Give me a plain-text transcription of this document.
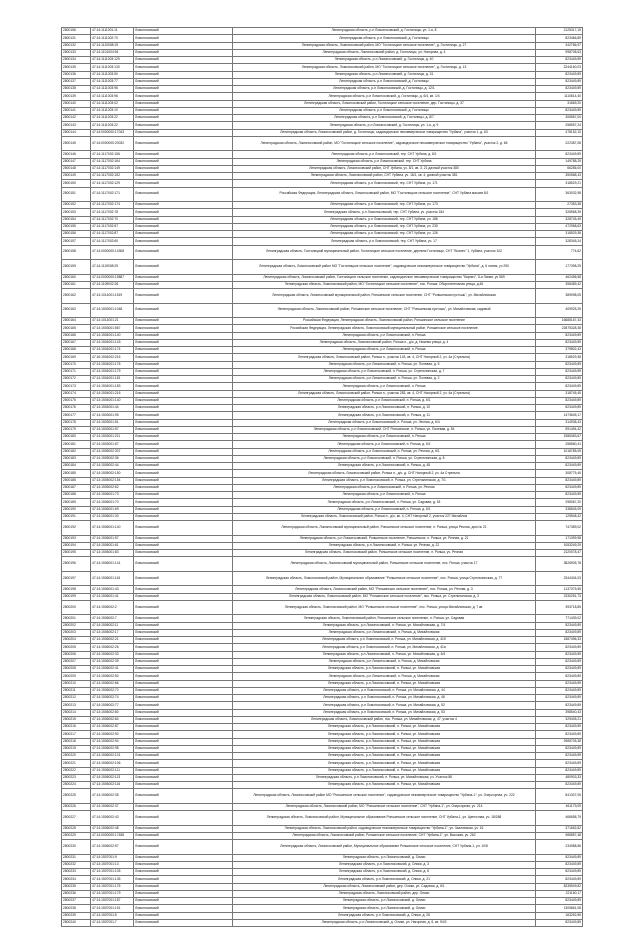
2800156	47:14:1111001:11	Ломоносовский	Ленинградская область, р-н Ломоносовский, д. Гостилицы, ул. 1-я, 8	2125317,19
2800131	47:14:1111002:70	Ломоносовский	Ленинградская область, р-н Ломоносовский, д. Гостилицы	823466,89
2800132	47:14:1110008:19	Ломоносовский	Ленинградская область, Ломоносовский район, МО "Гостилицкое сельское поселение", д. Гостилицы, д. 27	342786,97
2800133	47:14:1101004:94	Ломоносовский	Ленинградская область, Ломоносовский район, д. Гостилицы, ул. Нагорная, д. 4	998708,63
2800134	47:14:1111003:129	Ломоносовский	Ленинградская область, р-н Ломоносовский, д. Гостилицы, д. 40	823449,89
2800135	47:14:1111003:130	Ломоносовский	Ленинградская область, Ломоносовский район, МО "Гостилицкое сельское поселение", д. Гостилицы, д. 13	2244160,03
2800136	47:14:1111003:50	Ломоносовский	Ленинградская область, р-н Ломоносовский, д. Гостилицы, д. 31	823449,89
2800137	47:14:1111003:77	Ломоносовский	Ленинградская область, р-н Ломоносовский, д. Гостилицы	823449,89
2800138	47:14:1111003:96	Ломоносовский	Ленинградская область, р-н Ломоносовский, д. Гостилицы, д. 12/1	823449,89
2800139	47:14:1111003:96	Ломоносовский	Ленинградская область, р-н Ломоносовский, д. Гостилицы, д. 6/4, кв. 1/4	1110814,40
2800140	47:14:1111003:02	Ломоносовский	Ленинградская область, Ломоносовский район, Гостилицкое сельское поселение, дер. Гостилицы, д. 37	31669,20
2800141	47:14:1111003:10	Ломоносовский	Ленинградская область, р-н Ломоносовский, д. Гостилицы	823449,89
2800142	47:14:1111003:22	Ломоносовский	Ленинградская область, р-н Ломоносовский, д. Гостилицы, д. 8/7	306567,00
2800143	47:14:1111003:22	Ломоносовский	Ленинградская область, р-н Ломоносовский, д. Гостилицы, ул. 1-я, д. 9	258557,24
2800144	47:14:0000000:17043	Ломоносовский	Ленинградская область, Ломоносовский район, д. Гостилицы, садоводческое некоммерческое товарищество "Урбана", участок 1, д. 63	478152,10
2800145	47:14:0000000:20032	Ломоносовский	Ленинградская область, Ломоносовский район, МО "Гостилицкое сельское поселение", садоводческое некоммерческое товарищество "Урбана", участок 2, д. 66	222387,08
2800146	47:14:1117002:156	Ломоносовский	Ленинградская область, р-н Ломоносовский, тер. СНТ Урбана, д. 8/1	823449,89
2800147	47:14:1117002:164	Ломоносовский	Ленинградская область, р-н Ломоносовский, тер. СНТ Урбана	149788,29
2800148	47:14:1117002:149	Ломоносовский	Ленинградская область, Ломоносовский район, СНТ Урбана, уч. 8/1, кв. 3, 21 дачный участок 380	66286,00
2800149	47:14:1117002:152	Ломоносовский	Ленинградская область, Ломоносовский район, СНТ Урбана, уч. 16/1, кв. 4, дачный участок 381	350568,43
2800150	47:14:1117002:129	Ломоносовский	Ленинградская область, р-н Ломоносовский, тер. СНТ Урбана, уч. 171	318529,21
2800151	47:14:1117002:171	Ломоносовский	Российская Федерация, Ленинградская область, Ломоносовский район, МО "Гостилицкое сельское поселение", СНТ Урбана массив 8/1	363032,98
2800152	47:14:1117002:174	Ломоносовский	Ленинградская область, р-н Ломоносовский, тер. СНТ Урбана, уч. 173	27353,38
2800153	47:14:1117002:78	Ломоносовский	Ленинградская область, р-н Ломоносовский, тер. СНТ Урбана, уч. участок 184	328968,39
2800154	47:14:1117002:70	Ломоносовский	Ленинградская область, р-н Ломоносовский, тер. СНТ Урбана, уч. 186	328745,45
2800155	47:14:1117002:67	Ломоносовский	Ленинградская область, р-н Ломоносовский, тер. СНТ Урбана, уч. 230	472958,63
2800156	47:14:1117002:87	Ломоносовский	Ленинградская область, р-н Ломоносовский, тер. СНТ Урбана, уч. 126	318529,38
2800157	47:14:1117002:60	Ломоносовский	Ленинградская область, р-н Ломоносовский, тер. СНТ Урбана, уч. 17	328345,24
2800158	47:14:0000000:14308	Ломоносовский	Ленинградская область, Гостилицкий муниципальный район, Гостилицкое сельское поселение, деревня Гостилицы, СНТ "Вознес" 1, Урбана, участок 102	774,62
2800159	47:14:1119008:25	Ломоносовский	Ленинградская область, Ломоносовский район МО "Гостилицкое сельское поселение", садоводческое некоммерческое товарищество "Урбана", д. 6 линия, уч 290	177398,29
2800160	47:14:0000000:15887	Ломоносовский	Ленинградская область, Ломоносовский район, Гостилицкое сельское поселение, садоводческое некоммерческое товарищество "Кирпич", 5-я Линия, уч 569	462496,58
2800161	47:14:1109002:26	Ломоносовский	Ленинградская область, Ломоносовский район, МО "Гостилицкое сельское поселение", пос. Ропша, Оборонительная улица, д.46	398489,42
2800162	47:14:1014001:1519	Ломоносовский	Ленинградская область, Ломоносовский муниципальный район, Ропшинское сельское поселение, СНТ "Ропшинская пустошь", ул. Михайловская	389098,05
2800163	47:14:1503001:1048	Ломоносовский	Ленинградская область, Ломоносовский район, Ропшинское сельское поселение, СНТ "Ропшинская пустошь", ул. Михайловская, садовый	409925,25
2800164	47:14:1014001:21	Ломоносовский	Российская Федерация, Ленинградская область, Ломоносовский район, Ропшинское сельское поселение	16685167,43
2800165	47:14:1503001:567	Ломоносовский	Российская Федерация, Ленинградская область, Ломоносовский муниципальный район, Ропшинское сельское поселение	22875328,38
2800166	47:14:1504001:140	Ломоносовский	Ленинградская область, р-н Ломоносовский, п. Ропша	823449,89
2800167	47:14:1504001:143	Ломоносовский	Ленинградская область, Ломоносовский район, Ропша п., д/о, д. Нижняя улица, д. 4	823449,89
2800168	47:14:1504001:174	Ломоносовский	Ленинградская область, р-н Ломоносовский, п. Ропша	379802,43
2800169	47:16:1504002:216	Ломоносовский	Ленинградская область, Ломоносовский район, Ропша п., участок 143, кв. 4, СНТ Нагорный 2, уч. 4а (Стрельна)	318529,38
2800170	47:14:1504001:176	Ломоносовский	Ленинградская область, р-н Ломоносовский, п. Ропша, ул. Полевая, д. 5	823449,89
2800171	47:14:1504001:179	Ломоносовский	Ленинградская область, р-н Ломоносовский, п. Ропша, ул. Стрельнинская, д. 7	823449,89
2800172	47:14:1504001:181	Ломоносовский	Ленинградская область, р-н Ломоносовский, п. Ропша, ул. Полевая, д. 2	823449,89
2800173	47:14:1504001:183	Ломоносовский	Ленинградская область, р-н Ломоносовский, п. Ропша	823449,89
2800174	47:14:1504001:216	Ломоносовский	Ленинградская область, Ломоносовский район, Ропша п., участок 283, кв. 4, СНТ Нагорный 2, уч. 4а (Стрельна)	318745,45
2800175	47:14:1504001:140	Ломоносовский	Ленинградская область, р-н Ломоносовский, п. Ропша, д. 6/1	823449,89
2800176	47:14:1504001:44	Ломоносовский	Ленинградская область, р-н Ломоносовский, п. Ропша, д. 10	823449,89
2800177	47:14:1503001:95	Ломоносовский	Ленинградская область, р-н Ломоносовский, п. Ропша, д. 11	1473645,17
2800178	47:14:1503001:51	Ломоносовский	Ленинградская область, р-н Ломоносовский, п. Ропша, ул. Лесная, д. 6/4	314938,43
2800179	47:14:1503001:57	Ломоносовский	Ленинградская область, р-н Ломоносовский, СНТ Ропшинское, п. Ропша, ул. Полевая, д. 54	591494,42
2800180	47:14:1503001:211	Ломоносовский	Ленинградская область, р-н Ломоносовский, п. Ропша	1986383,67
2800181	47:14:1503001:57	Ломоносовский	Ленинградская область, р-н Ломоносовский, п. Ропша, д. 6/1	258560,41
2800182	47:14:1505002:307	Ломоносовский	Ленинградская область, р-н Ломоносовский, п. Ропша, ул. Речная, д. 6/1	1018785,05
2800183	47:14:1505002:36	Ломоносовский	Ленинградская область, р-н Ломоносовский, п. Ропша, ул. Стрельнинская, д. 8	823449,89
2800184	47:14:1505002:44	Ломоносовский	Ленинградская область, р-н Ломоносовский, п. Ропша, д. 45	823449,89
2800185	47:14:1505002:150	Ломоносовский	Ленинградская область, Ломоносовский район, Ропша п., д/о, д. СНТ Нагорный 2, уч. 4а Стрельна	308775,45
2800186	47:14:1505002:154	Ломоносовский	Ленинградская область, р-н Ломоносовский, п. Ропша, ул. Стрельнинская, д. 7/1	823449,89
2800187	47:14:1505002:62	Ломоносовский	Ленинградская область, р-н Ломоносовский, п. Ропша, ул. Речная	823449,89
2800188	47:14:1506001:73	Ломоносовский	Ленинградская область, р-н Ломоносовский, п. Ропша	823449,89
2800189	47:14:1506001:70	Ломоносовский	Ленинградская область, р-н Ломоносовский, п. Ропша, ул. Садовая, д. 18	298067,20
2800190	47:14:1506001:69	Ломоносовский	Ленинградская область, р-н Ломоносовский, п. Ропша, д. 6/1	338545,09
2800191	47:14:1506001:30	Ломоносовский	Ленинградская область, Ломоносовский район, Ропша п., д/о, кв. 4, СНТ Нагорный 2, участок 227 Михайлов	129548,42
2800192	47:14:1506001:140	Ломоносовский	Ленинградская область, Ломоносовский муниципальный район, Ропшинское сельское поселение, п. Ропша, улица Речная, дом № 21	747389,02
2800193	47:14:1506001:57	Ломоносовский	Ленинградская область, р-н Ломоносовский, Ропшинское поселение, Ропшинское, п. Ропша, ул. Речная, д. 21	171399,98
2800194	47:14:1506001:61	Ломоносовский	Ленинградская область, р-н Ломоносовский, п. Ропша, ул. Речная, д. 22	1053249,29
2800195	47:14:1506001:83	Ломоносовский	Ленинградская область, Ломоносовский район, Ропшинское сельское поселение, п. Ропша, уч. Речная	2120078,47
2800196	47:14:1506001:141	Ломоносовский	Ленинградская область, Ломоносовский муниципальный район, Ропшинское сельское поселение, пос. Ропша, участок 17	3826905,78
2800197	47:14:1506001:116	Ломоносовский	Ленинградская область, Ломоносовский район, Муниципальное образование "Ропшинское сельское поселение", пос. Ропша, улица Стрельнинская, д. 77	2344404,03
2800198	47:14:1506001:43	Ломоносовский	Ленинградская область, Ломоносовский район, МО "Ропшинское сельское поселение", пос. Ропша, ул. Речная, д. 3	1137375,55
2800199	47:14:1506001:41	Ломоносовский	Ленинградская область, Ломоносовский район, МО "Ропшинское сельское поселение", пос. Ропша, ул. Стрельнинская, д. 3	2330251,73
2800200	47:14:1506002:2	Ломоносовский	Ленинградская область, Ломоносовский район, МО "Ропшинское сельское поселение", пос. Ропша, улица Михайловская, д. 7 кв.	393718,85
2800201	47:14:1506002:7	Ломоносовский	Ленинградская область, Ломоносовский район, Ропшинское сельское поселение, п. Ропша, ул. Садовая	771439,02
2800202	47:14:1506002:11	Ломоносовский	Ленинградская область, р-н Ломоносовский, п. Ропша, ул. Михайловская, д. 7/4	823449,89
2800203	47:14:1506002:17	Ломоносовский	Ленинградская область, р-н Ломоносовский, п. Ропша, д. Михайловская	823449,89
2800204	47:14:1506002:21	Ломоносовский	Ленинградская область, р-н Ломоносовский, п. Ропша, ул. Михайловская, д. 41б	1587496,33
2800205	47:14:1506002:26	Ломоносовский	Ленинградская область, р-н Ломоносовский, п. Ропша, ул. Михайловская, д. 41а	823449,89
2800206	47:14:1506002:33	Ломоносовский	Ленинградская область, р-н Ломоносовский, п. Ропша, ул. Михайловская, д. 6/4	823449,89
2800207	47:14:1506002:39	Ломоносовский	Ленинградская область, р-н Ломоносовский, п. Ропша, д. Михайловская	823449,89
2800208	47:14:1506002:41	Ломоносовский	Ленинградская область, р-н Ломоносовский, п. Ропша, ул. Михайловская	823449,89
2800209	47:14:1506002:50	Ломоносовский	Ленинградская область, р-н Ломоносовский, п. Ропша, д. Михайловская	823449,89
2800210	47:14:1506002:66	Ломоносовский	Ленинградская область, р-н Ломоносовский, п. Ропша, ул. Михайловская	823449,89
2800211	47:14:1506002:70	Ломоносовский	Ленинградская область, р-н Ломоносовский, п. Ропша, ул. Михайловская, д. 44	823449,89
2800212	47:14:1506002:74	Ломоносовский	Ленинградская область, р-н Ломоносовский, п. Ропша, ул. Михайловская, д. 46	823449,89
2800213	47:14:1506002:77	Ломоносовский	Ленинградская область, р-н Ломоносовский, п. Ропша, ул. Михайловская, д. 52	823449,89
2800214	47:14:1506002:80	Ломоносовский	Ленинградская область, р-н Ломоносовский, п. Ропша, ул. Михайловская, д. 53	398540,43
2800215	47:14:1506002:84	Ломоносовский	Ленинградская область, Ломоносовский район, пос. Ропша, ул. Михайловская, д. 47, участок 4	329405,21
2800216	47:14:1506002:87	Ломоносовский	Ленинградская область, р-н Ломоносовский, п. Ропша, ул. Михайловская	823449,89
2800217	47:14:1506002:90	Ломоносовский	Ленинградская область, р-н Ломоносовский, п. Ропша, ул. Михайловская	823449,89
2800218	47:14:1506002:94	Ломоносовский	Ленинградская область, р-н Ломоносовский, п. Ропша, ул. Михайловская	2985705,38
2800219	47:14:1506002:98	Ломоносовский	Ленинградская область, р-н Ломоносовский, п. Ропша, ул. Михайловская	823449,89
2800220	47:14:1506002:101	Ломоносовский	Ленинградская область, р-н Ломоносовский, п. Ропша, ул. Михайловская	823449,89
2800221	47:14:1506002:106	Ломоносовский	Ленинградская область, р-н Ломоносовский, п. Ропша, ул. Михайловская	823449,89
2800222	47:14:1506002:111	Ломоносовский	Ленинградская область, р-н Ломоносовский, п. Ропша, ул. Михайловская	823449,89
2800223	47:14:1506002:113	Ломоносовский	Ленинградская область, р-н Ломоносовский, п. Ропша, ул. Михайловская, уч. Участок 86	480903,33
2800224	47:14:1506002:116	Ломоносовский	Ленинградская область, р-н Ломоносовский, п. Ропша, ул. Михайловская	823449,89
2800225	47:14:1506002:35	Ломоносовский	Ленинградская область, Ломоносовский район МО "Ропшинское сельское поселение", садоводческое некоммерческое товарищество "Урбана-1", ул. Озерсорная, уч. 222	841307,05
2800226	47:14:1506002:37	Ломоносовский	Ленинградская область, Ломоносовский район, МО "Ропшинское сельское поселение", СНТ "Урбана-1", ул. Озерсорная, уч. 214	461179,09
2800227	47:14:1506002:43	Ломоносовский	Ленинградская область, Ломоносовский район, Муниципальное образование Ропшинское сельское поселение, СНТ Урбана-1, ул. Цветочная, уч. 18/268	468658,79
2800228	47:14:1506002:48	Ломоносовский	Ленинградская область, Ломоносовский район, садоводческое некоммерческое товарищество "Урбана-1", ул. Чкаловская, уч. 16	371652,82
2800229	47:14:0000000:17458	Ломоносовский	Ленинградская область, Ломоносовский район, Ропшинское сельское поселение, СНТ "Урбана-1", ул. Высокая, уч. 262	985857,48
2800230	47:14:1506002:57	Ломоносовский	Ленинградская область, Ломоносовский район, Муниципальное образование Ропшинское сельское поселение, СНТ Урбана-1, ул. 10/8	234988,56
2800231	47:14:1507001:9	Ломоносовский	Ленинградская область, р-н Ломоносовский, д. Олики	823449,89
2800232	47:14:1507001:13	Ломоносовский	Ленинградская область, р-н Ломоносовский, д. Олики, д. 3	823449,89
2800233	47:14:1507001:105	Ломоносовский	Ленинградская область, р-н Ломоносовский, д. Олики, д. 6	823449,89
2800234	47:14:1507001:135	Ломоносовский	Ленинградская область, р-н Ломоносовский, д. Олики, д. 21	823449,89
2800235	47:14:1507001:176	Ломоносовский	Ленинградская область, Ломоносовский район, дер. Олики, ул. Садовая, д. 6/1	8239549,82
2800236	47:14:1507001:179	Ломоносовский	Ленинградская область, Ломоносовский район, дер. Олики	221160,17
2800237	47:14:1507001:187	Ломоносовский	Ленинградская область, р-н Ломоносовский, д. Олики	823449,89
2800238	47:14:1507001:191	Ломоносовский	Ленинградская область, р-н Ломоносовский, д. Олики	1305861,08
2800239	47:14:1507001:5	Ломоносовский	Ленинградская область, р-н Ломоносовский, д. Олики, д. 26	163252,85
2800240	47:14:1507001:7	Ломоносовский	Ленинградская область, р-н Ломоносовский, д. Олики, ул. Нагорная, д. 6, кв. 9/43	823449,89
